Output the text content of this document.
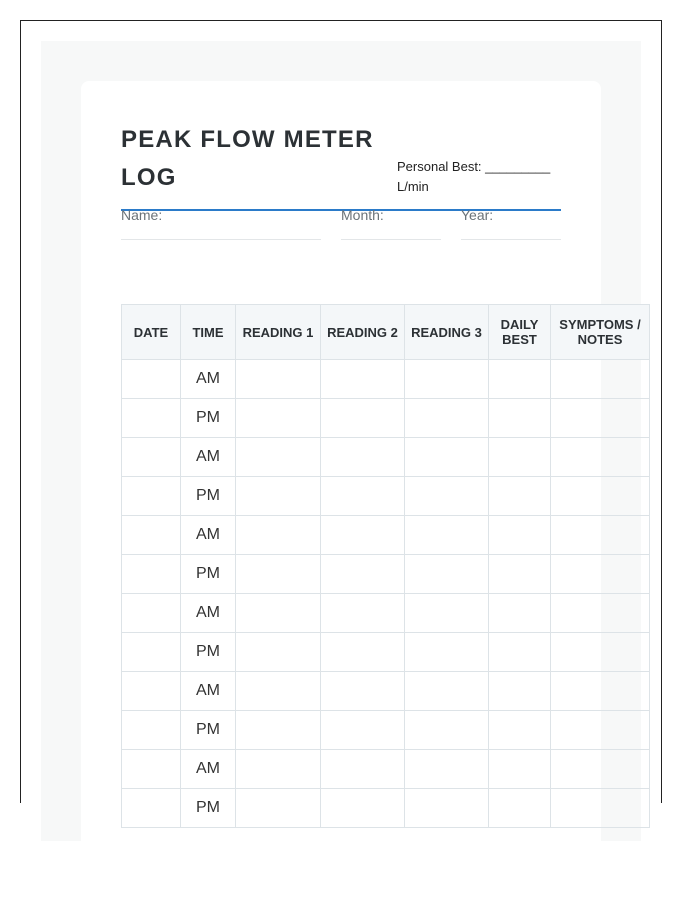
PEAK FLOW METER LOG	Personal Best: _________ L/min
Name:	Month:	Year:
DATE	TIME	READING 1	READING 2	READING 3	DAILY BEST	SYMPTOMS / NOTES
	AM					
	PM					
	AM					
	PM					
	AM					
	PM					
	AM					
	PM					
	AM					
	PM					
	AM					
	PM					
